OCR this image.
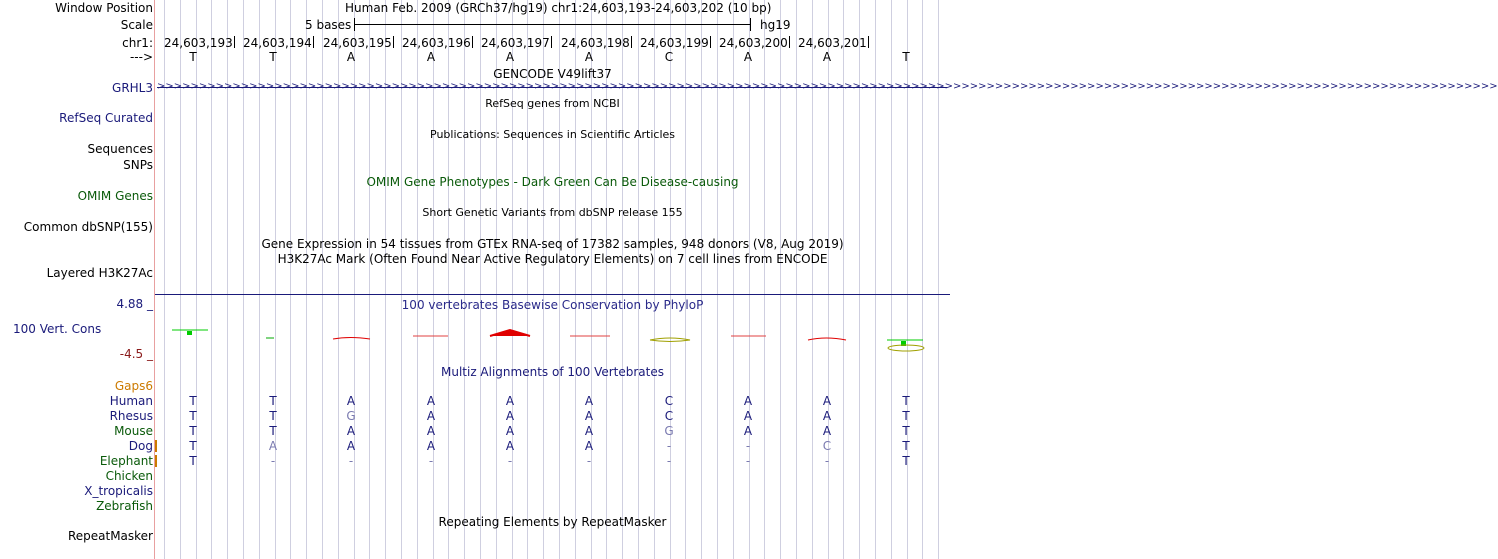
Window Position	Human Feb. 2009 (GRCh37/hg19) chr1:24,603,193-24,603,202 (10 bp)
Scale	5 bases	hg19
chr1: 24,603,193 24,603,194 24,603,195 24,603,196 24,603,197 24,603,198 24,603,199 24,603,200 24,603,201
--->	T	T	A	A	A	A	C	A	A	T
GENCODE V49lift37
GRHL3 >>>>>>>>>>>>>>>>>>>>>>>>>>>>>>>>>>>>>>>>>>>>>>>>>>>>>>>>>>>>>>>>>>>>>>>>>>>>>>>>>>>>>>>>>>>>>>>>>>>>>>>>>>>>>>>>>>>>>>>>>>>>>>>>>>>>>>>>>>>>>>>>>>>>>>>>>>>>>>>>
RefSeq genes from NCBI
RefSeq Curated
Publications: Sequences in Scientific Articles
Sequences
SNPs
OMIM Gene Phenotypes - Dark Green Can Be Disease-causing
OMIM Genes
Short Genetic Variants from dbSNP release 155
Common dbSNP(155)
Gene Expression in 54 tissues from GTEx RNA-seq of 17382 samples, 948 donors (V8, Aug 2019)
H3K27Ac Mark (Often Found Near Active Regulatory Elements) on 7 cell lines from ENCODE
Layered H3K27Ac
100 vertebrates Basewise Conservation by PhyloP
4.88 _
100 Vert. Cons
-4.5 _
Multiz Alignments of 100 Vertebrates
Gaps6
Human	T	T	A	A	A	A	C	A	A	T
Rhesus	T	T	G	A	A	A	C	A	A	T
Mouse	T	T	A	A	A	A	G	A	A	T
Dog	T	A	A	A	A	A	-	-	C	T
Elephant	T	-	-	-	-	-	-	-	-	T
Chicken
X_tropicalis
Zebrafish
Repeating Elements by RepeatMasker
RepeatMasker
